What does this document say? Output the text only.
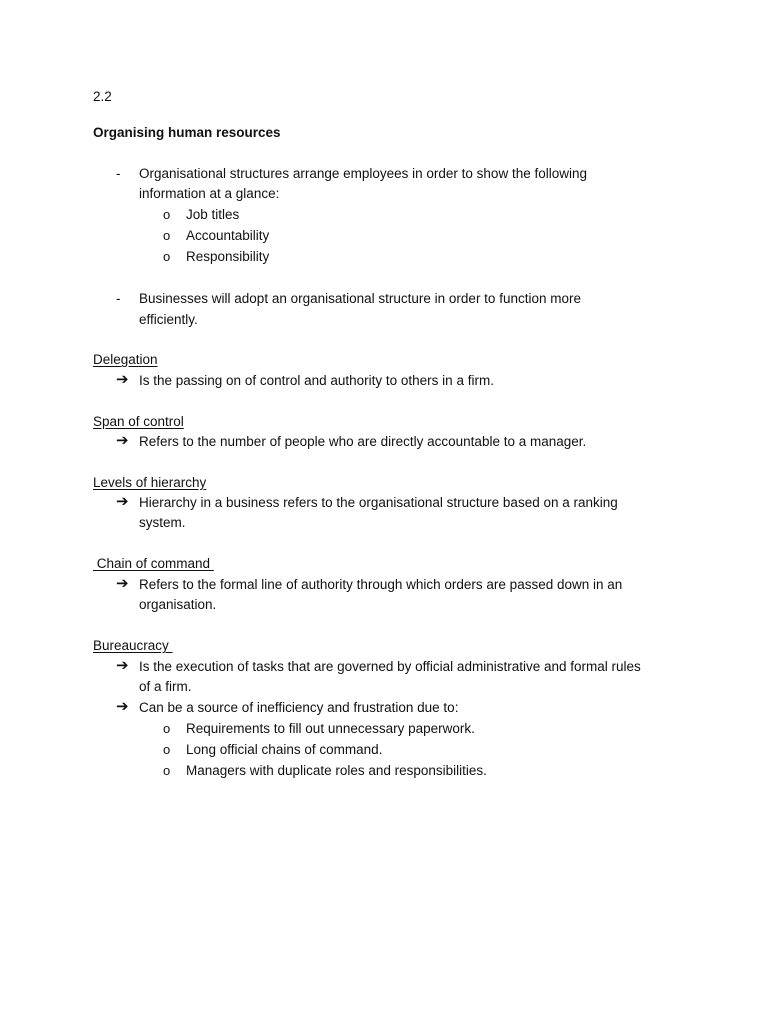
2.2
Organising human resources
- Organisational structures arrange employees in order to show the following
information at a glance:
o Job titles
o Accountability
o Responsibility
- Businesses will adopt an organisational structure in order to function more
efficiently.
Delegation
➔ Is the passing on of control and authority to others in a firm.
Span of control
➔ Refers to the number of people who are directly accountable to a manager.
Levels of hierarchy
➔ Hierarchy in a business refers to the organisational structure based on a ranking
system.
Chain of command
➔ Refers to the formal line of authority through which orders are passed down in an
organisation.
Bureaucracy
➔ Is the execution of tasks that are governed by official administrative and formal rules
of a firm.
➔ Can be a source of inefficiency and frustration due to:
o Requirements to fill out unnecessary paperwork.
o Long official chains of command.
o Managers with duplicate roles and responsibilities.
